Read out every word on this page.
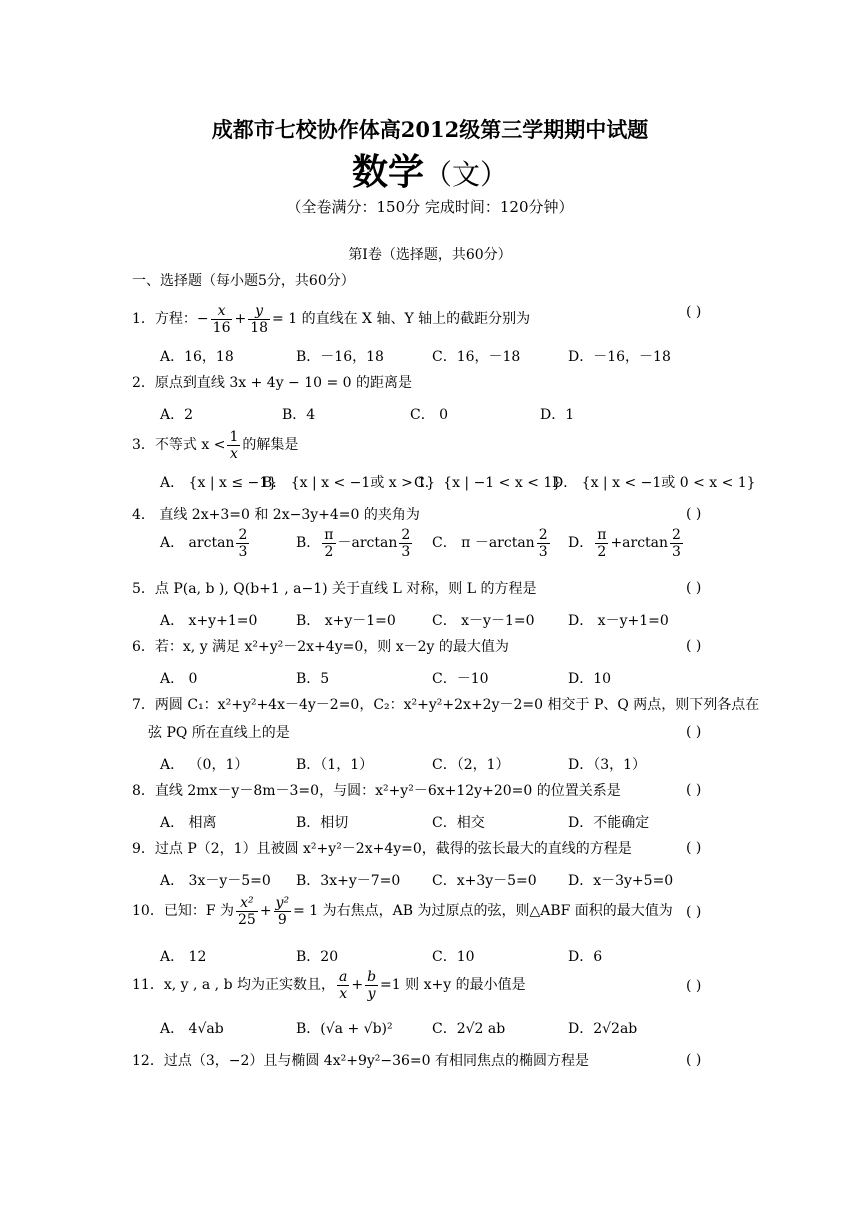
成都市七校协作体高2012级第三学期期中试题
数学（文）
（全卷满分：150分 完成时间：120分钟）
第Ⅰ卷（选择题，共60分）
一、选择题（每小题5分，共60分）
1．方程：− $\frac{x}{16} + \frac{y}{18} = 1$ 的直线在 X 轴、Y 轴上的截距分别为	( )
A．16，18	B．－16，18	C．16，－18	D．－16，－18
2．原点到直线 3x + 4y − 10 = 0 的距离是
A．2	B．4	C． 0	D．1
3．不等式 $x < \frac{1}{x}$ 的解集是
A． {x | x ≤ −1}
B． {x | x < −1或 x > 1}
C． {x | −1 < x < 1}
D． {x | x < −1或 0 < x < 1}
4． 直线 2x+3=0 和 2x−3y+4=0 的夹角为	( )
A． $\arctan \frac{2}{3}$	B． $\frac{\pi}{2} -\arctan \frac{2}{3}$ C． $\pi -\arctan \frac{2}{3}$ D． $\frac{\pi}{2} +\arctan \frac{2}{3}$
5．点 P(a, b ), Q(b+1 , a−1) 关于直线 L 对称，则 L 的方程是	( )
A． x+y+1=0	B． x+y－1=0	C． x－y－1=0 D． x－y+1=0
6．若：x, y 满足 x²+y²－2x+4y=0，则 x－2y 的最大值为	( )
A． 0	B．5	C．－10	D．10
7．两圆 C₁：x²+y²+4x－4y－2=0，C₂：x²+y²+2x+2y－2=0 相交于 P、Q 两点，则下列各点在
弦 PQ 所在直线上的是	( )
A． （0，1）	B．（1，1）	C．（2，1）	D．（3，1）
8．直线 2mx－y－8m－3=0，与圆：x²+y²－6x+12y+20=0 的位置关系是	( )
A． 相离	B．相切	C．相交	D．不能确定
9．过点 P（2，1）且被圆 x²+y²－2x+4y=0，截得的弦长最大的直线的方程是	( )
A． 3x－y－5=0 B．3x+y－7=0 C．x+3y－5=0 D．x－3y+5=0
10．已知：F 为 $\frac{\text{x²}}{25} + \frac{\text{y²}}{9} = 1$ 为右焦点，AB 为过原点的弦，则△ABF 面积的最大值为 ( )
A． 12	B．20	C．10	D．6
11．x, y , a , b 均为正实数且， $\frac{a}{x} + \frac{b}{y} =1$ 则 x+y 的最小值是	( )
A． 4√ab	B．(√a + √b)²	C．2√2 ab	D．2√2ab
12．过点（3，−2）且与椭圆 4x²+9y²−36=0 有相同焦点的椭圆方程是	( )
